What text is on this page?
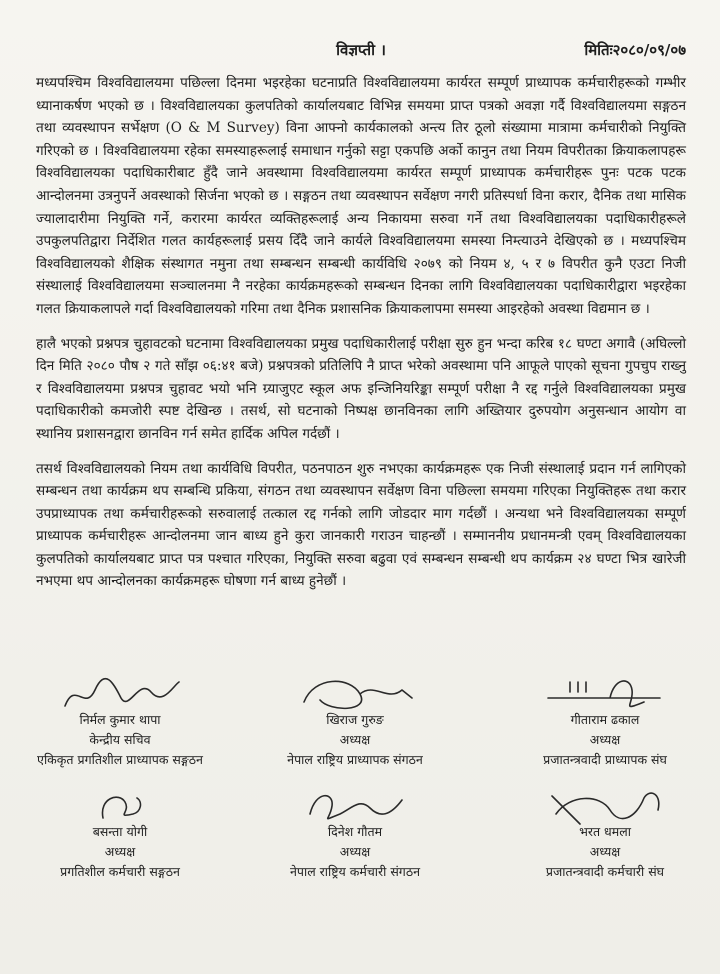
विज्ञप्ती ।	मितिः२०८०/०९/०७

मध्यपश्चिम विश्वविद्यालयमा पछिल्ला दिनमा भइरहेका घटनाप्रति विश्वविद्यालयमा कार्यरत सम्पूर्ण प्राध्यापक कर्मचारीहरूको गम्भीर ध्यानाकर्षण भएको छ । विश्वविद्यालयका कुलपतिको कार्यालयबाट विभिन्न समयमा प्राप्त पत्रको अवज्ञा गर्दै विश्वविद्यालयमा सङ्गठन तथा व्यवस्थापन सर्भेक्षण (O & M Survey) विना आफ्नो कार्यकालको अन्त्य तिर ठूलो संख्यामा मात्रामा कर्मचारीको नियुक्ति गरिएको छ । विश्वविद्यालयमा रहेका समस्याहरूलाई समाधान गर्नुको सट्टा एकपछि अर्को कानुन तथा नियम विपरीतका क्रियाकलापहरू विश्वविद्यालयका पदाधिकारीबाट हुँदै जाने अवस्थामा विश्वविद्यालयमा कार्यरत सम्पूर्ण प्राध्यापक कर्मचारीहरू पुनः पटक पटक आन्दोलनमा उत्रनुपर्ने अवस्थाको सिर्जना भएको छ । सङ्गठन तथा व्यवस्थापन सर्वेक्षण नगरी प्रतिस्पर्धा विना करार, दैनिक तथा मासिक ज्यालादारीमा नियुक्ति गर्ने, करारमा कार्यरत व्यक्तिहरूलाई अन्य निकायमा सरुवा गर्ने तथा विश्वविद्यालयका पदाधिकारीहरूले उपकुलपतिद्वारा निर्देशित गलत कार्यहरूलाई प्रसय दिँदै जाने कार्यले विश्वविद्यालयमा समस्या निम्त्याउने देखिएको छ । मध्यपश्चिम विश्वविद्यालयको शैक्षिक संस्थागत नमुना तथा सम्बन्धन सम्बन्धी कार्यविधि २०७९ को नियम ४, ५ र ७ विपरीत कुनै एउटा निजी संस्थालाई विश्वविद्यालयमा सञ्चालनमा नै नरहेका कार्यक्रमहरूको सम्बन्धन दिनका लागि विश्वविद्यालयका पदाधिकारीद्वारा भइरहेका गलत क्रियाकलापले गर्दा विश्वविद्यालयको गरिमा तथा दैनिक प्रशासनिक क्रियाकलापमा समस्या आइरहेको अवस्था विद्यमान छ ।

हालै भएको प्रश्नपत्र चुहावटको घटनामा विश्वविद्यालयका प्रमुख पदाधिकारीलाई परीक्षा सुरु हुन भन्दा करिब १८ घण्टा अगावै (अघिल्लो दिन मिति २०८० पौष २ गते साँझ ०६:४१ बजे) प्रश्नपत्रको प्रतिलिपि नै प्राप्त भरेको अवस्थामा पनि आफूले पाएको सूचना गुपचुप राख्नु र विश्वविद्यालयमा प्रश्नपत्र चुहावट भयो भनि ग्र्याजुएट स्कूल अफ इन्जिनियरिङ्का सम्पूर्ण परीक्षा नै रद्द गर्नुले विश्वविद्यालयका प्रमुख पदाधिकारीको कमजोरी स्पष्ट देखिन्छ । तसर्थ, सो घटनाको निष्पक्ष छानविनका लागि अख्तियार दुरुपयोग अनुसन्धान आयोग वा स्थानिय प्रशासनद्वारा छानविन गर्न समेत हार्दिक अपिल गर्दछौं ।

तसर्थ विश्वविद्यालयको नियम तथा कार्यविधि विपरीत, पठनपाठन शुरु नभएका कार्यक्रमहरू एक निजी संस्थालाई प्रदान गर्न लागिएको सम्बन्धन तथा कार्यक्रम थप सम्बन्धि प्रकिया, संगठन तथा व्यवस्थापन सर्वेक्षण विना पछिल्ला समयमा गरिएका नियुक्तिहरू तथा करार उपप्राध्यापक तथा कर्मचारीहरूको सरुवालाई तत्काल रद्द गर्नको लागि जोडदार माग गर्दछौं । अन्यथा भने विश्वविद्यालयका सम्पूर्ण प्राध्यापक कर्मचारीहरू आन्दोलनमा जान बाध्य हुने कुरा जानकारी गराउन चाहन्छौं । सम्माननीय प्रधानमन्त्री एवम् विश्वविद्यालयका कुलपतिको कार्यालयबाट प्राप्त पत्र पश्चात गरिएका, नियुक्ति सरुवा बढुवा एवं सम्बन्धन सम्बन्धी थप कार्यक्रम २४ घण्टा भित्र खारेजी नभएमा थप आन्दोलनका कार्यक्रमहरू घोषणा गर्न बाध्य हुनेछौं ।

निर्मल कुमार थापा
केन्द्रीय सचिव
एकिकृत प्रगतिशील प्राध्यापक सङ्गठन
खिराज गुरुङ
अध्यक्ष
नेपाल राष्ट्रिय प्राध्यापक संगठन
गीताराम ढकाल
अध्यक्ष
प्रजातन्त्रवादी प्राध्यापक संघ
बसन्ता योगी
अध्यक्ष
प्रगतिशील कर्मचारी सङ्गठन
दिनेश गौतम
अध्यक्ष
नेपाल राष्ट्रिय कर्मचारी संगठन
भरत धमला
अध्यक्ष
प्रजातन्त्रवादी कर्मचारी संघ
